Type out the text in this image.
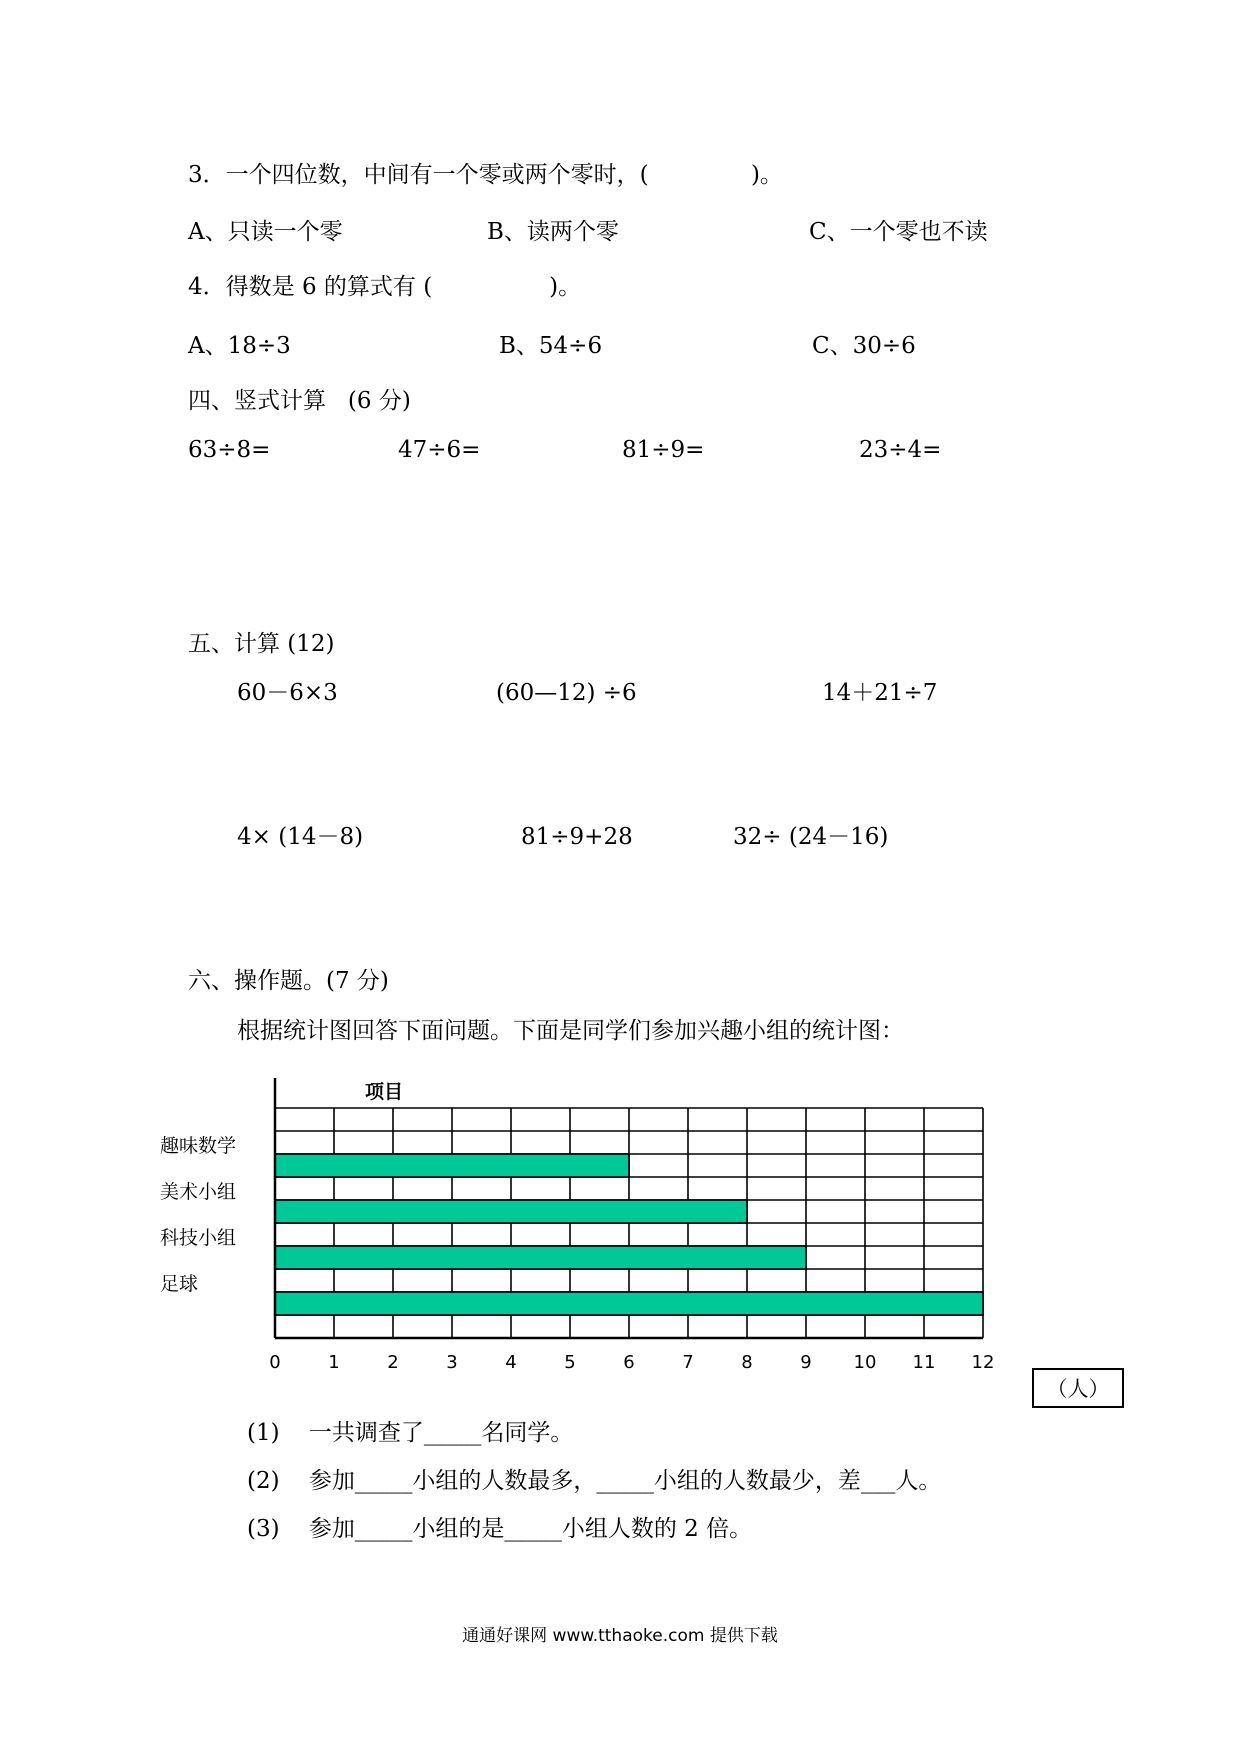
3．一个四位数，中间有一个零或两个零时，(              )。
A、只读一个零	B、读两个零	C、一个零也不读
4．得数是 6 的算式有 (                )。
A、18÷3	B、54÷6	C、30÷6
四、竖式计算   (6 分)
63÷8=	47÷6=	81÷9=	23÷4=
五、计算 (12)
60－6×3	(60—12) ÷6	14＋21÷7
4× (14－8)	81÷9+28	32÷ (24－16)
六、操作题。(7 分)
根据统计图回答下面问题。下面是同学们参加兴趣小组的统计图：
项目
趣味数学
美术小组
科技小组
足球
0	1	2	3	4	5	6	7	8	9 10 11 12
（人）
(1)    一共调查了_____名同学。
(2)    参加_____小组的人数最多，_____小组的人数最少，差___人。
(3)    参加_____小组的是_____小组人数的 2 倍。
通通好课网 www.tthaoke.com 提供下载
